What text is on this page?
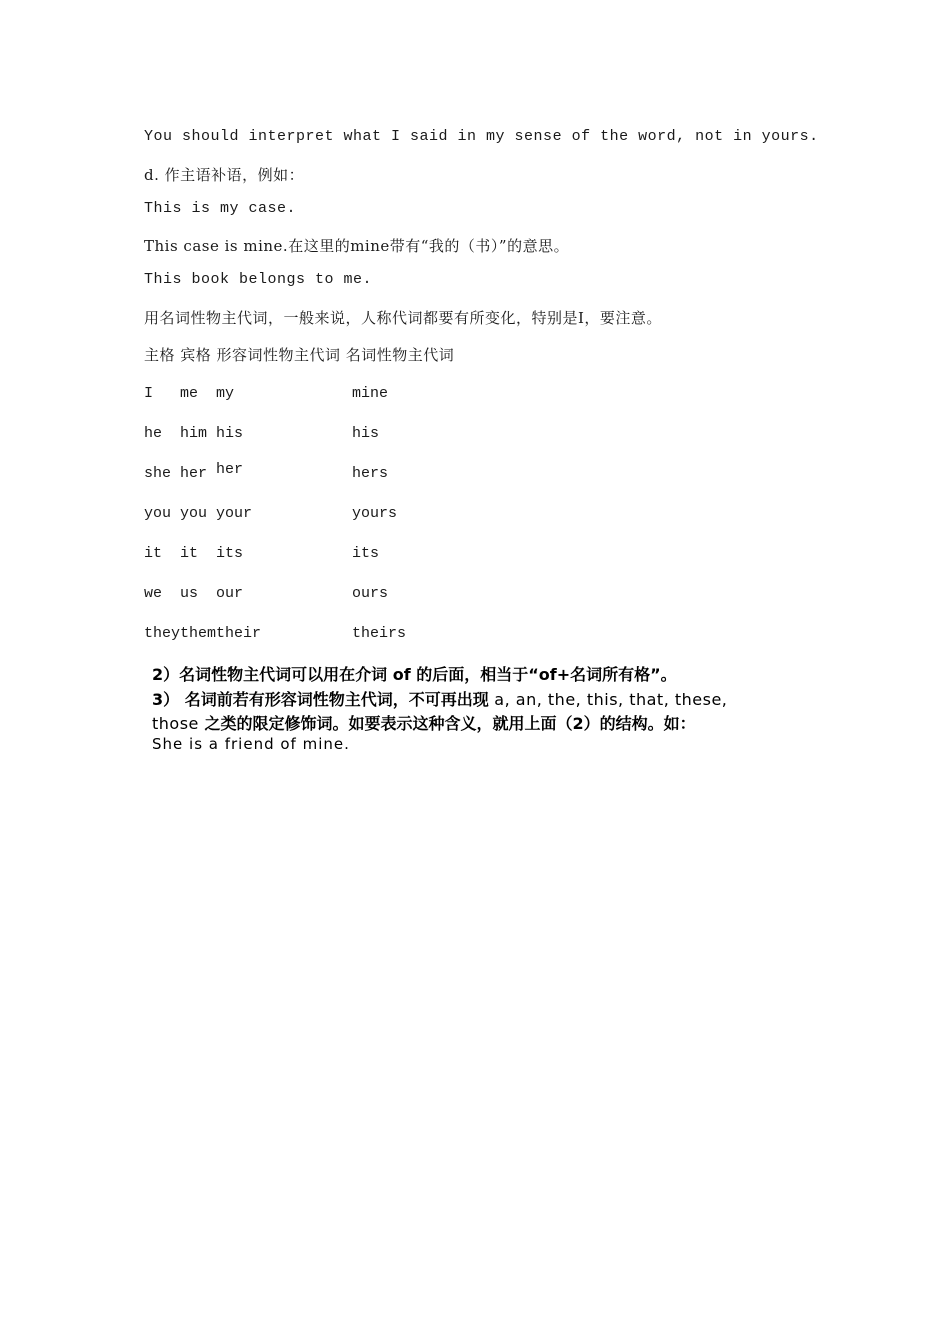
You should interpret what I said in my sense of the word, not in yours.
d. 作主语补语，例如：
This is my case.
This case is mine.在这里的mine带有“我的（书）”的意思。
This book belongs to me.
用名词性物主代词，一般来说，人称代词都要有所变化，特别是I，要注意。
主格 宾格 形容词性物主代词 名词性物主代词
I me my	mine
he him his	his
she her her	hers
you you your	yours
it it its	its
we us our	ours
they them their	theirs
2）名词性物主代词可以用在介词 of 的后面，相当于“of+名词所有格”。
3） 名词前若有形容词性物主代词，不可再出现 a, an, the, this, that, these,
those 之类的限定修饰词。如要表示这种含义，就用上面（2）的结构。如：
She is a friend of mine.
